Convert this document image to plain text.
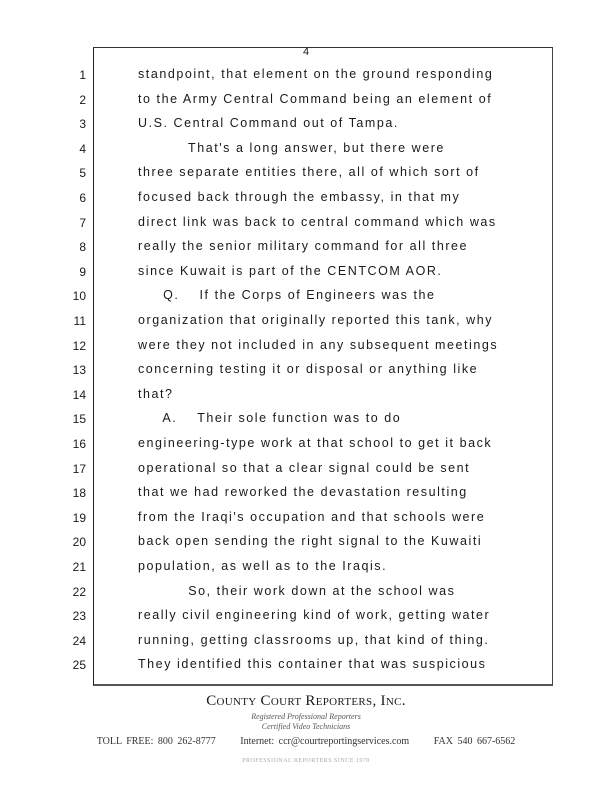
4
1	standpoint, that element on the ground responding
2	to the Army Central Command being an element of
3	U.S. Central Command out of Tampa.
4	That's a long answer, but there were
5	three separate entities there, all of which sort of
6	focused back through the embassy, in that my
7	direct link was back to central command which was
8	really the senior military command for all three
9	since Kuwait is part of the CENTCOM AOR.
10	Q.    If the Corps of Engineers was the
11	organization that originally reported this tank, why
12	were they not included in any subsequent meetings
13	concerning testing it or disposal or anything like
14	that?
15	A.    Their sole function was to do
16	engineering-type work at that school to get it back
17	operational so that a clear signal could be sent
18	that we had reworked the devastation resulting
19	from the Iraqi's occupation and that schools were
20	back open sending the right signal to the Kuwaiti
21	population, as well as to the Iraqis.
22	So, their work down at the school was
23	really civil engineering kind of work, getting water
24	running, getting classrooms up, that kind of thing.
25	They identified this container that was suspicious
County Court Reporters, Inc.
Registered Professional Reporters
Certified Video Technicians
TOLL FREE: 800 262-8777 Internet: ccr@courtreportingservices.com FAX 540 667-6562
PROFESSIONAL REPORTERS SINCE 1970
